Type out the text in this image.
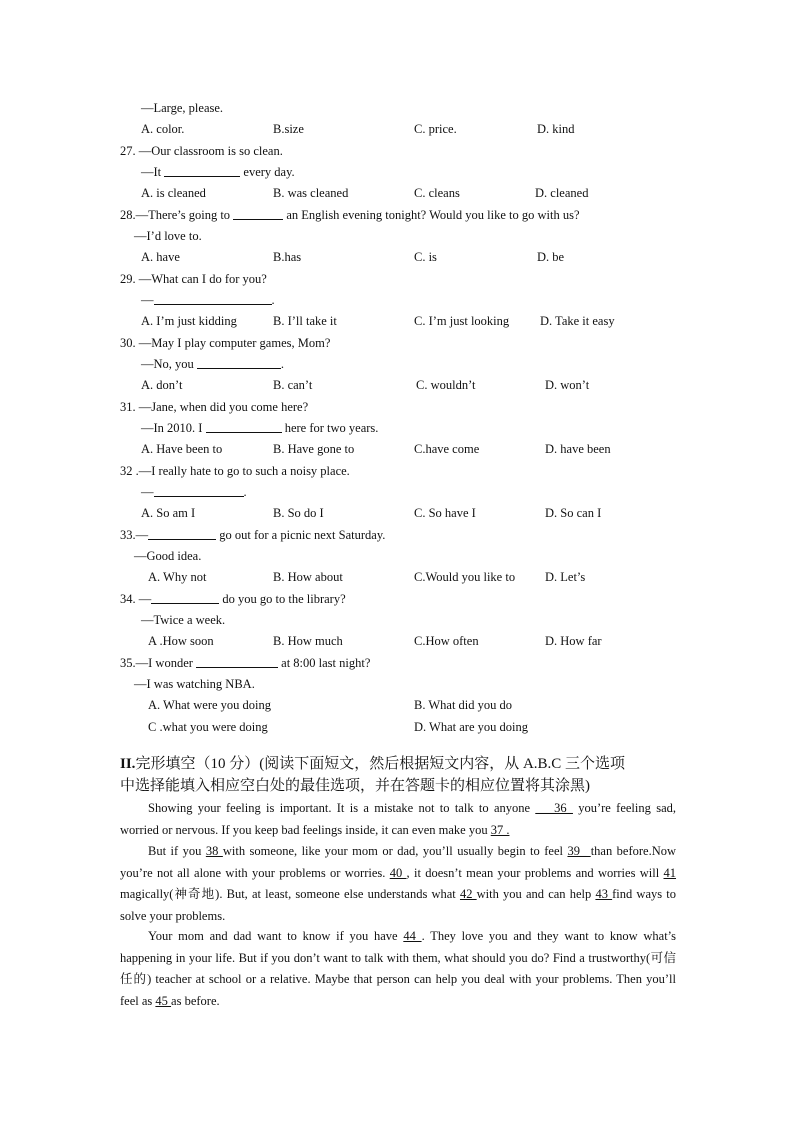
—Large, please.
A. color.	B.size	C. price.	D. kind
27. —Our classroom is so clean.
—It	every day.
A. is cleaned	B. was cleaned	C. cleans	D. cleaned
28.—There’s going to	an English evening tonight? Would you like to go with us?
—I’d love to.
A. have	B.has	C. is	D. be
29. —What can I do for you?
—	.
A. I’m just kidding	B. I’ll take it	C. I’m just looking D. Take it easy
30. —May I play computer games, Mom?
—No, you	.
A. don’t	B. can’t	C. wouldn’t	D. won’t
31. —Jane, when did you come here?
—In 2010. I	here for two years.
A. Have been to	B. Have gone to	C.have come	D. have been
32 .—I really hate to go to such a noisy place.
—	.
A. So am I	B. So do I	C. So have I	D. So can I
33.—	go out for a picnic next Saturday.
—Good idea.
A. Why not	B. How about	C.Would you like to D. Let’s
34. —	do you go to the library?
—Twice a week.
A .How soon	B. How much	C.How often	D. How far
35.—I wonder	at 8:00 last night?
—I was watching NBA.
A. What were you doing	B. What did you do
C .what you were doing	D. What are you doing
II.完形填空（10 分）(阅读下面短文，然后根据短文内容，从 A.B.C 三个选项
中选择能填入相应空白处的最佳选项，并在答题卡的相应位置将其涂黑)
Showing your feeling is important. It is a mistake not to talk to anyone ___36_ you’re feeling sad, worried or nervous. If you keep bad feelings inside, it can even make you 37 .
But if you 38 with someone, like your mom or dad, you’ll usually begin to feel 39_ than before.Now you’re not all alone with your problems or worries. 40 , it doesn’t mean your problems and worries will 41 magically(神奇地). But, at least, someone else understands what 42 with you and can help 43 find ways to solve your problems.
Your mom and dad want to know if you have 44 . They love you and they want to know what’s happening in your life. But if you don’t want to talk with them, what should you do? Find a trustworthy(可信任的) teacher at school or a relative. Maybe that person can help you deal with your problems. Then you’ll feel as 45 as before.
